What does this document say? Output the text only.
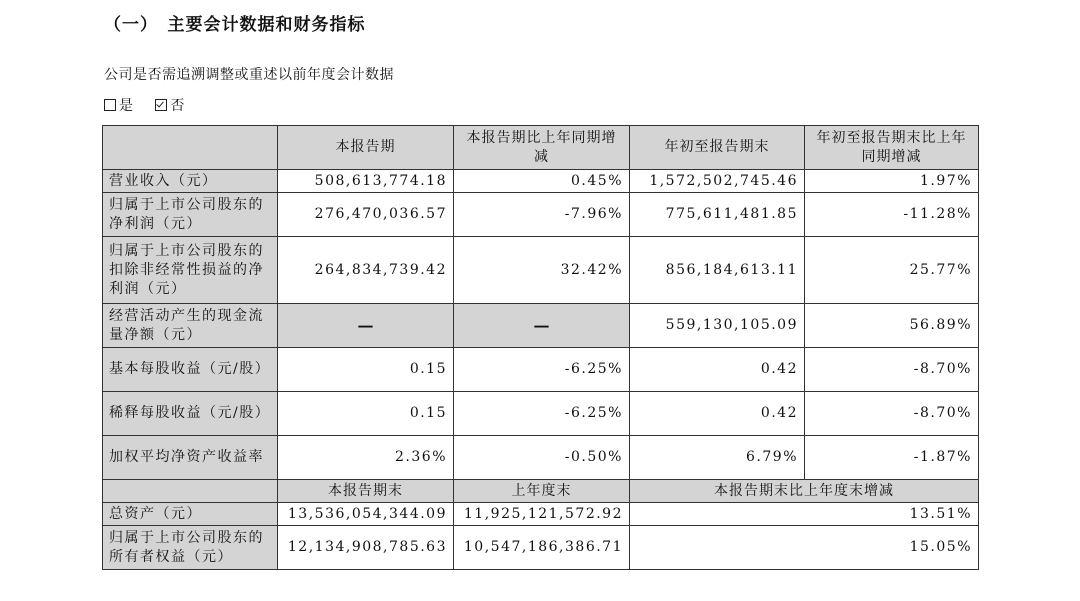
（一）　主要会计数据和财务指标
公司是否需追溯调整或重述以前年度会计数据
是	否
	本报告期	本报告期比上年同期增减	年初至报告期末	年初至报告期末比上年同期增减
营业收入（元）	508,613,774.18	0.45%	1,572,502,745.46	1.97%
归属于上市公司股东的净利润（元）	276,470,036.57	-7.96%	775,611,481.85	-11.28%
归属于上市公司股东的扣除非经常性损益的净利润（元）	264,834,739.42	32.42%	856,184,613.11	25.77%
经营活动产生的现金流量净额（元）	—	—	559,130,105.09	56.89%
基本每股收益（元/股）	0.15	-6.25%	0.42	-8.70%
稀释每股收益（元/股）	0.15	-6.25%	0.42	-8.70%
加权平均净资产收益率	2.36%	-0.50%	6.79%	-1.87%
	本报告期末	上年度末	本报告期末比上年度末增减	
总资产（元）	13,536,054,344.09	11,925,121,572.92	13.51%	
归属于上市公司股东的所有者权益（元）	12,134,908,785.63	10,547,186,386.71	15.05%	
